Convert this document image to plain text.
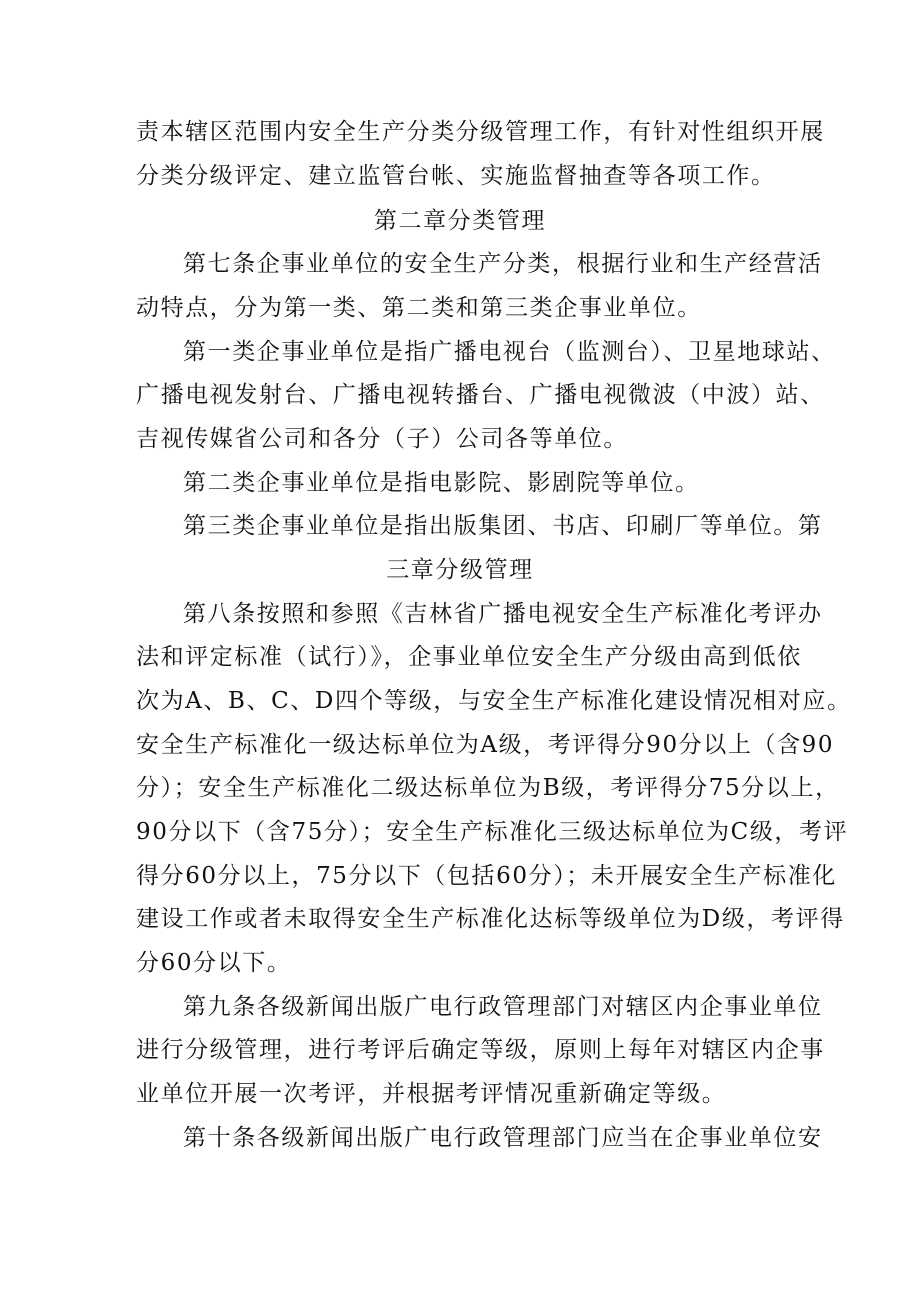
责本辖区范围内安全生产分类分级管理工作，有针对性组织开展
分类分级评定、建立监管台帐、实施监督抽查等各项工作。
第二章分类管理
第七条企事业单位的安全生产分类，根据行业和生产经营活
动特点，分为第一类、第二类和第三类企事业单位。
第一类企事业单位是指广播电视台（监测台）、卫星地球站、
广播电视发射台、广播电视转播台、广播电视微波（中波）站、
吉视传媒省公司和各分（子）公司各等单位。
第二类企事业单位是指电影院、影剧院等单位。
第三类企事业单位是指出版集团、书店、印刷厂等单位。第
三章分级管理
第八条按照和参照《吉林省广播电视安全生产标准化考评办
法和评定标准（试行）》，企事业单位安全生产分级由高到低依
次为A、B、C、D四个等级，与安全生产标准化建设情况相对应。
安全生产标准化一级达标单位为A级，考评得分90分以上（含90
分）；安全生产标准化二级达标单位为B级，考评得分75分以上，
90分以下（含75分）；安全生产标准化三级达标单位为C级，考评
得分60分以上，75分以下（包括60分）；未开展安全生产标准化
建设工作或者未取得安全生产标准化达标等级单位为D级，考评得
分60分以下。
第九条各级新闻出版广电行政管理部门对辖区内企事业单位
进行分级管理，进行考评后确定等级，原则上每年对辖区内企事
业单位开展一次考评，并根据考评情况重新确定等级。
第十条各级新闻出版广电行政管理部门应当在企事业单位安
